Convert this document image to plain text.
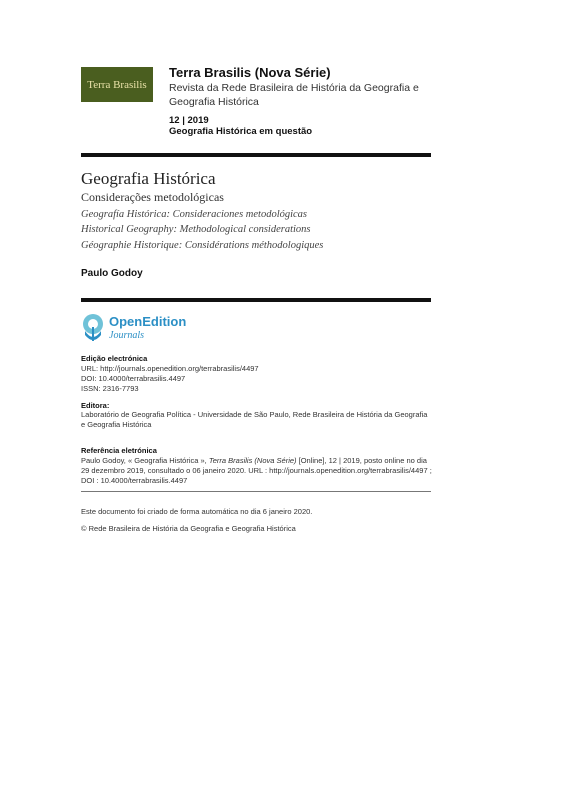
Terra Brasilis
Terra Brasilis (Nova Série)
Revista da Rede Brasileira de História da Geografia e Geografia Histórica
12 | 2019
Geografia Histórica em questão
Geografia Histórica
Considerações metodológicas
Geografía Histórica: Consideraciones metodológicas
Historical Geography: Methodological considerations
Géographie Historique: Considérations méthodologiques
Paulo Godoy
OpenEdition
Journals
Edição electrónica
URL: http://journals.openedition.org/terrabrasilis/4497
DOI: 10.4000/terrabrasilis.4497
ISSN: 2316-7793
Editora:
Laboratório de Geografia Política - Universidade de São Paulo, Rede Brasileira de História da Geografia e Geografia Histórica
Referência eletrónica
Paulo Godoy, « Geografia Histórica », Terra Brasilis (Nova Série) [Online], 12 | 2019, posto online no dia 29 dezembro 2019, consultado o 06 janeiro 2020. URL : http://journals.openedition.org/terrabrasilis/4497 ; DOI : 10.4000/terrabrasilis.4497
Este documento foi criado de forma automática no dia 6 janeiro 2020.
© Rede Brasileira de História da Geografia e Geografia Histórica
